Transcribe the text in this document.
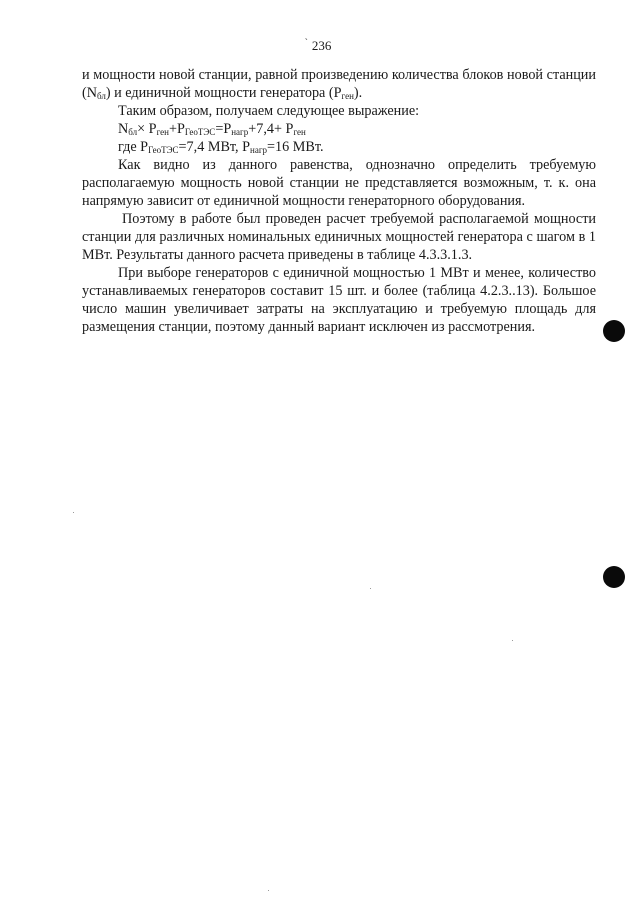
` 236

и мощности новой станции, равной произведению количества блоков новой станции $(N_{бл})$ и единичной мощности генератора $(P_{ген})$.

Таким образом, получаем следующее выражение:

$N_{бл}\times P_{ген}+P_{ГеоТЭС}=P_{нагр}+7,4+ P_{ген}$

где $P_{ГеоТЭС}=7,4$ МВт, $P_{нагр}=16$ МВт.

Как видно из данного равенства, однозначно определить требуемую располагаемую мощность новой станции не представляется возможным, т. к. она напрямую зависит от единичной мощности генераторного оборудования.

Поэтому в работе был проведен расчет требуемой располагаемой мощности станции для различных номинальных единичных мощностей генератора с шагом в 1 МВт. Результаты данного расчета приведены в таблице 4.3.3.1.3.

При выборе генераторов с единичной мощностью 1 МВт и менее, количество устанавливаемых генераторов составит 15 шт. и более (таблица 4.2.3..13). Большое число машин увеличивает затраты на эксплуатацию и требуемую площадь для размещения станции, поэтому данный вариант исключен из рассмотрения.
